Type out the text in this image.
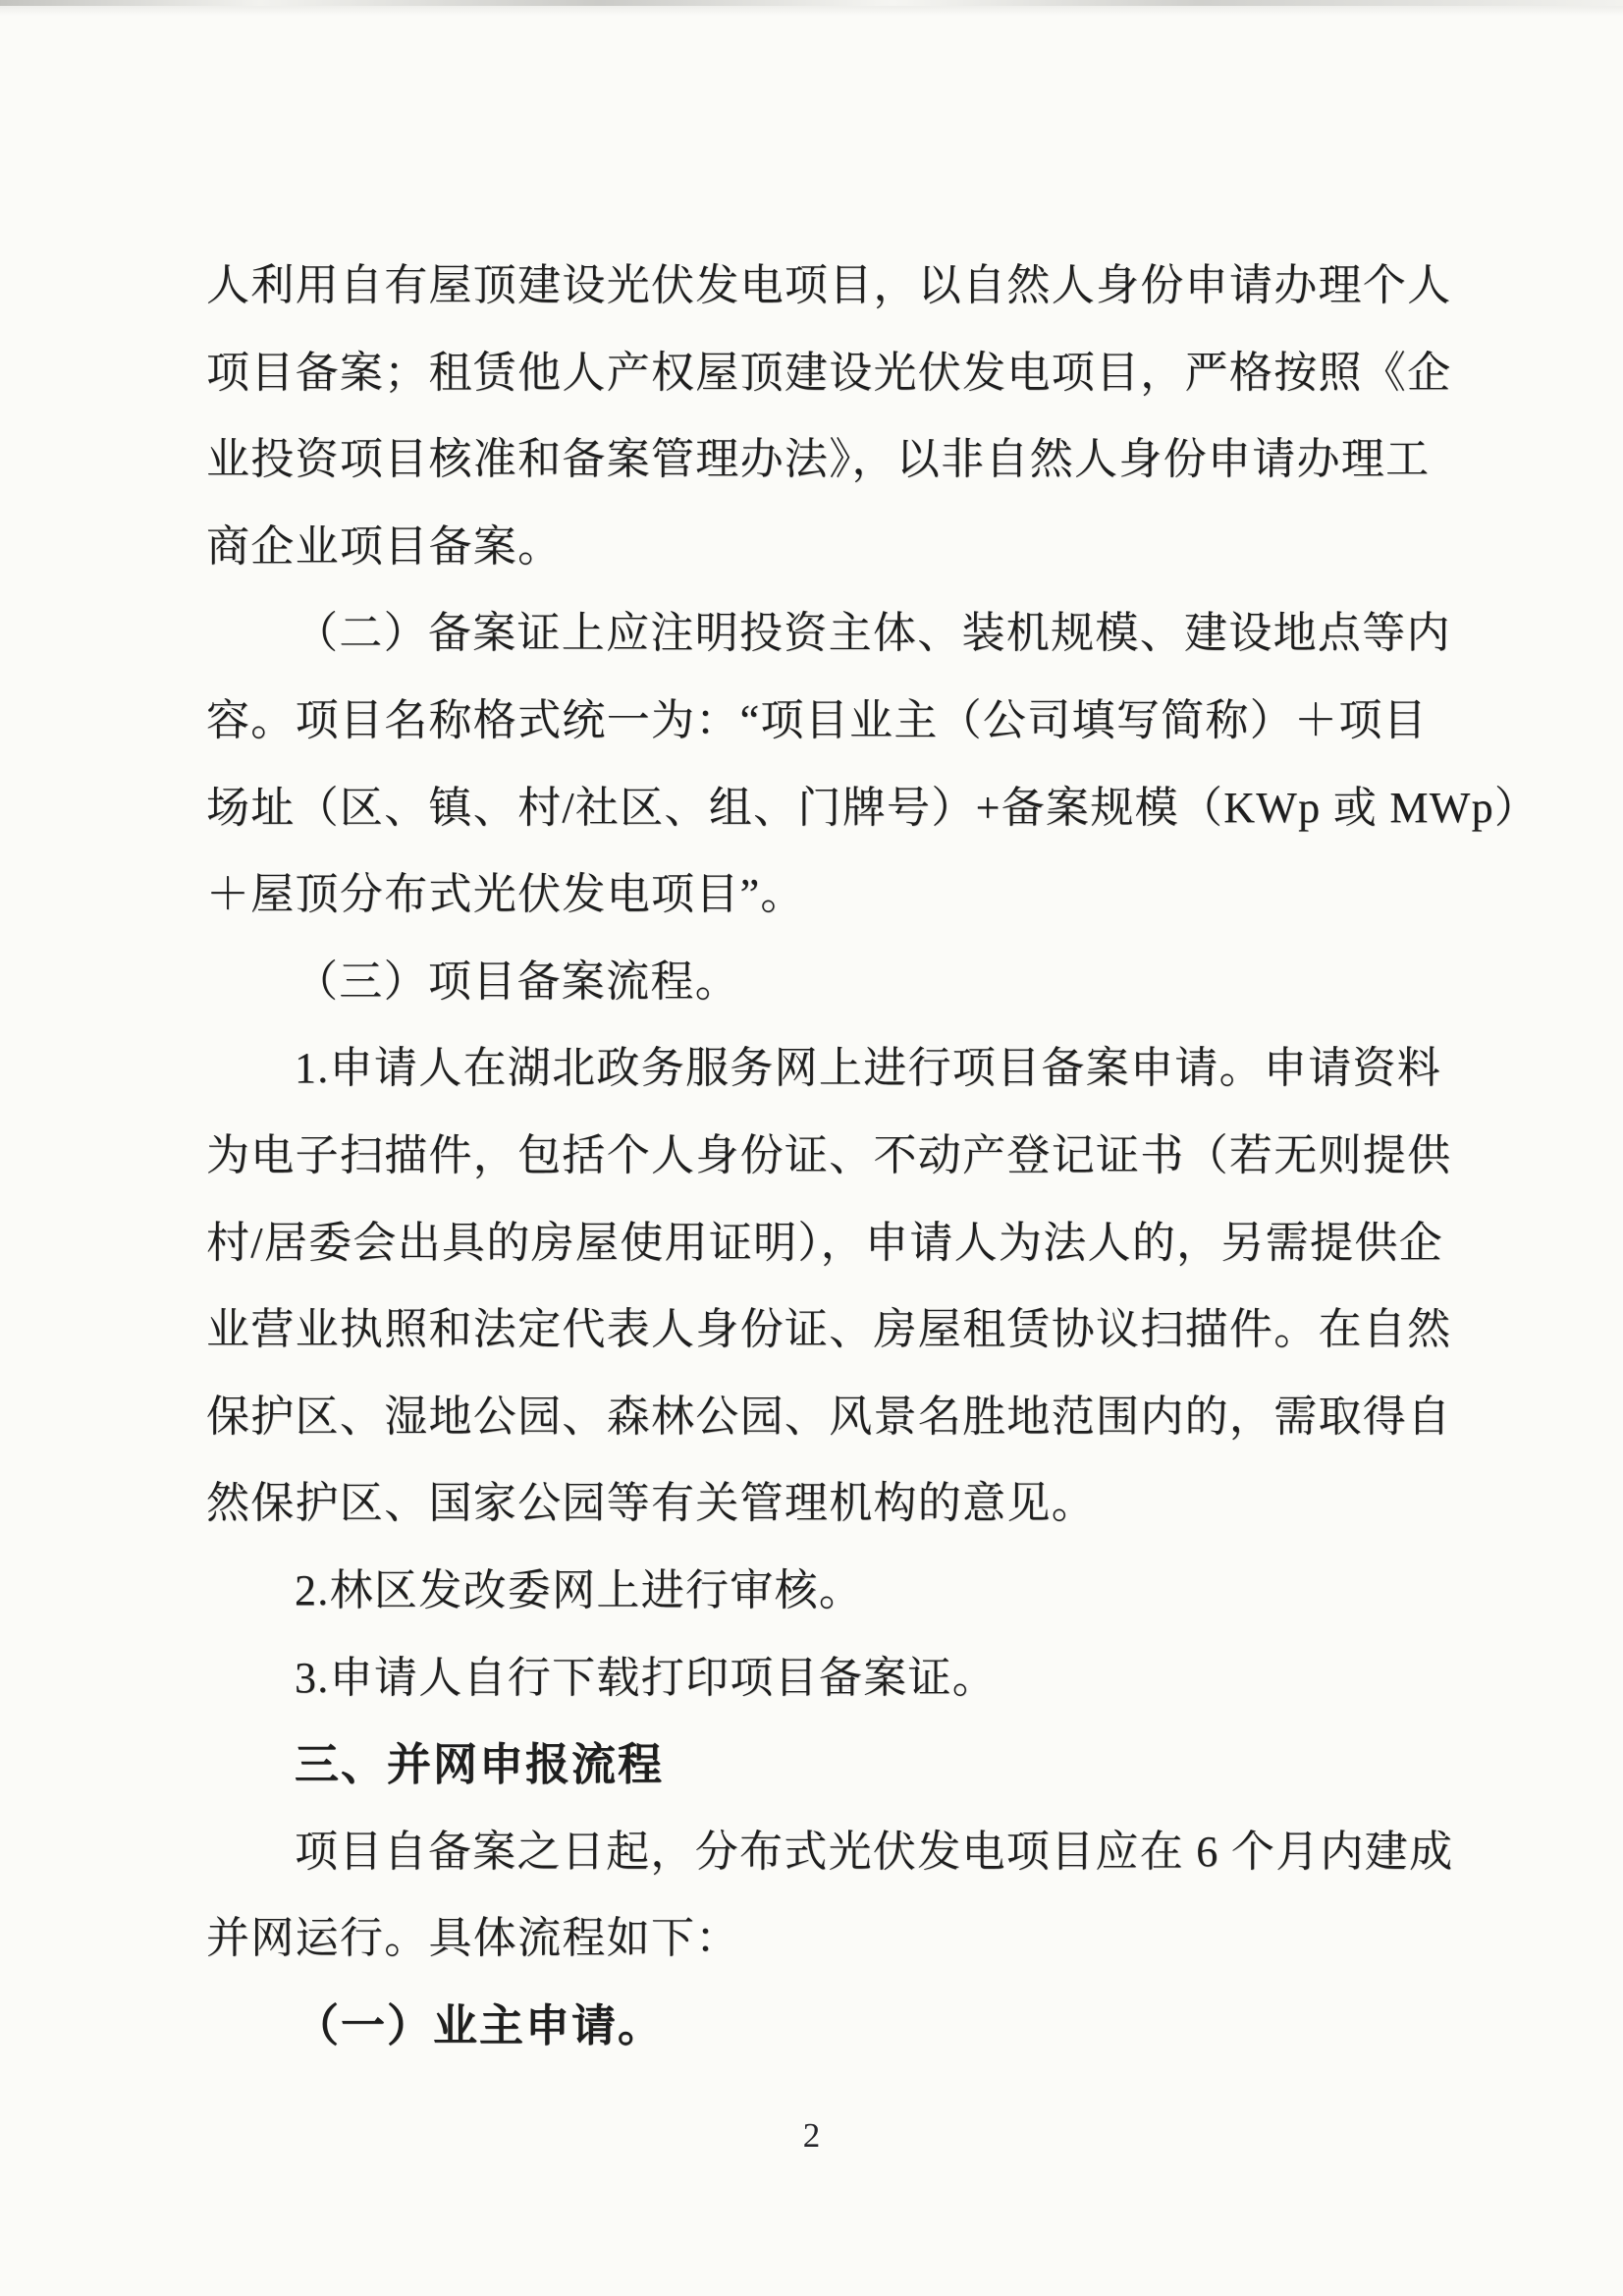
人利用自有屋顶建设光伏发电项目，以自然人身份申请办理个人
项目备案；租赁他人产权屋顶建设光伏发电项目，严格按照《企
业投资项目核准和备案管理办法》，以非自然人身份申请办理工
商企业项目备案。
（二）备案证上应注明投资主体、装机规模、建设地点等内
容。项目名称格式统一为：“项目业主（公司填写简称）＋项目
场址（区、镇、村/社区、组、门牌号）+备案规模（KWp 或 MWp）
＋屋顶分布式光伏发电项目”。
（三）项目备案流程。
1.申请人在湖北政务服务网上进行项目备案申请。申请资料
为电子扫描件，包括个人身份证、不动产登记证书（若无则提供
村/居委会出具的房屋使用证明），申请人为法人的，另需提供企
业营业执照和法定代表人身份证、房屋租赁协议扫描件。在自然
保护区、湿地公园、森林公园、风景名胜地范围内的，需取得自
然保护区、国家公园等有关管理机构的意见。
2.林区发改委网上进行审核。
3.申请人自行下载打印项目备案证。
三、并网申报流程
项目自备案之日起，分布式光伏发电项目应在 6 个月内建成
并网运行。具体流程如下：
（一）业主申请。
2
